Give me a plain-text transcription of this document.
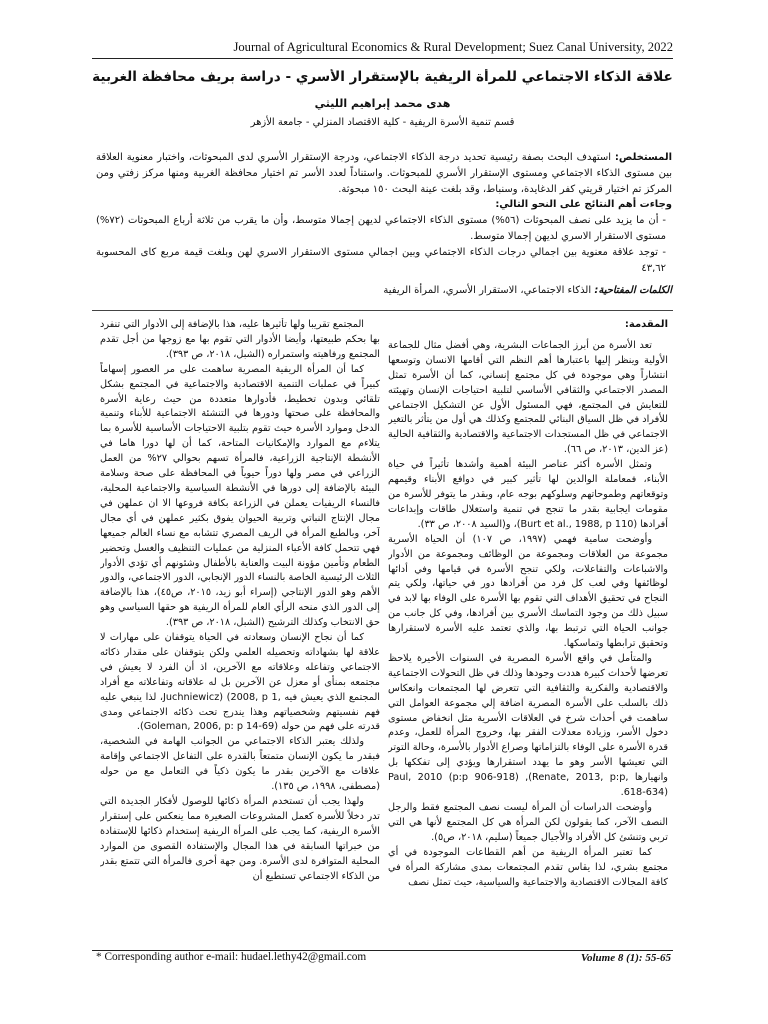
Journal of Agricultural Economics & Rural Development; Suez Canal University, 2022
علاقة الذكاء الاجتماعي للمرأة الريفية بالإستقرار الأسري - دراسة بريف محافظة الغربية
هدى محمد إبراهيم الليثي
قسم تنمية الأسرة الريفية - كلية الاقتصاد المنزلي - جامعة الأزهر

المستخلص: استهدف البحث بصفة رئيسية تحديد درجة الذكاء الاجتماعي، ودرجة الإستقرار الأسري لدى المبحوثات، واختبار معنوية العلاقة بين مستوى الذكاء الاجتماعي ومستوى الإستقرار الأسري للمبحوثات. واستناداً لعدد الأسر تم اختيار محافظة الغربية ومنها مركز زفتي ومن المركز تم اختيار قريتي كفر الدغايدة، وسنباط، وقد بلغت عينة البحث ١٥٠ مبحوثة.

وجاءت أهم النتائج على النحو التالي:

- أن ما يزيد على نصف المبحوثات (٥٦%) مستوى الذكاء الاجتماعي لديهن إجمالا متوسط، وأن ما يقرب من ثلاثة أرباع المبحوثات (٧٢%) مستوى الاستقرار الاسري لديهن إجمالا متوسط.

- توجد علاقة معنوية بين اجمالي درجات الذكاء الاجتماعي وبين اجمالي مستوى الاستقرار الاسري لهن وبلغت قيمة مربع كاى المحسوبة ٤٣,٦٢

الكلمات المفتاحية: الذكاء الاجتماعي، الاستقرار الأسري، المرأة الريفية

المقدمة:

تعد الأسرة من أبرز الجماعات البشرية، وهي أفضل مثال للجماعة الأولية وينظر إليها باعتبارها أهم النظم التي أقامها الانسان وتوسعها انتشاراً وهي موجودة في كل مجتمع إنساني، كما أن الأسرة تمثل المصدر الاجتماعي والثقافي الأساسي لتلبية احتياجات الإنسان وتهيئته للتعايش في المجتمع، فهي المسئول الأول عن التشكيل الاجتماعي للأفراد في ظل السياق البنائي للمجتمع وكذلك هي أول من يتأثر بالتغير الاجتماعي في ظل المستجدات الاجتماعية والاقتصادية والثقافية الحالية (عز الدين، ٢٠١٣، ص ٦٦).

وتمثل الأسرة أكثر عناصر البيئة أهمية وأشدها تأثيراً في حياة الأبناء، فمعاملة الوالدين لها تأثير كبير في دوافع الأبناء وقيمهم وتوقعاتهم وطموحاتهم وسلوكهم بوجه عام، وبقدر ما يتوفر للأسرة من مقومات ايجابية بقدر ما تنجح في تنمية واستغلال طاقات وإبداعات أفرادها (Burt et al., 1988, p 110)، و(السيد ٢٠٠٨، ص ٣٣).

وأوضحت سامية فهمي (١٩٩٧، ص ١٠٧) أن الحياة الأسرية مجموعة من العلاقات ومجموعة من الوظائف ومجموعة من الأدوار والاشباعات والتفاعلات، ولكي تنجح الأسرة في قيامها وفي أدائها لوظائفها وفي لعب كل فرد من أفرادها دور في حياتها، ولكي يتم النجاح في تحقيق الأهداف التي تقوم بها الأسرة على الوفاء بها لابد في سبيل ذلك من وجود التماسك الأسري بين أفرادها، وفي كل جانب من جوانب الحياة التي ترتبط بها، والذي تعتمد عليه الأسرة لاستقرارها وتحقيق ترابطها وتماسكها.

والمتأمل في واقع الأسرة المصرية في السنوات الأخيرة يلاحظ تعرضها لأحداث كبيرة هددت وجودها وذلك في ظل التحولات الاجتماعية والاقتصادية والفكرية والثقافية التي تتعرض لها المجتمعات وانعكاس ذلك بالسلب على الأسرة المصرية اضافة إلي مجموعة العوامل التي ساهمت في أحداث شرخ في العلاقات الأسرية مثل انخفاض مستوى دخول الأسر، وزيادة معدلات الفقر بها، وخروج المرأة للعمل، وعدم قدرة الأسرة على الوفاء بالتزاماتها وصراع الأدوار بالأسرة، وحالة التوتر التي تعيشها الأسر وهو ما يهدد استقرارها ويؤدي إلى تفككها بل وانهيارها ,Paul, 2010 (p:p 906-918) ,(Renate, 2013, p:p 618-634).

وأوضحت الدراسات أن المرأة ليست نصف المجتمع فقط والرجل النصف الآخر، كما يقولون لكن المرأة هي كل المجتمع لأنها هي التي تربي وتنشئ كل الأفراد والأجيال جميعاً (سليم، ٢٠١٨، ص٥).

كما تعتبر المرأة الريفية من أهم القطاعات الموجودة في أي مجتمع بشري، لذا يقاس تقدم المجتمعات بمدى مشاركة المرأة في كافة المجالات الاقتصادية والاجتماعية والسياسية، حيث تمثل نصف

المجتمع تقريبا ولها تأثيرها عليه، هذا بالإضافة إلى الأدوار التي تنفرد بها بحكم طبيعتها، وأيضا الأدوار التي تقوم بها مع زوجها من أجل تقدم المجتمع ورفاهيته واستمراره (الشبل، ٢٠١٨، ص ٣٩٣).

كما أن المرأة الريفية المصرية ساهمت على مر العصور إسهاماً كبيراً في عمليات التنمية الاقتصادية والاجتماعية في المجتمع بشكل تلقائي وبدون تخطيط، فأدوارها متعددة من حيث رعاية الأسرة والمحافظة على صحتها ودورها في التنشئة الاجتماعية للأبناء وتنمية الدخل وموارد الأسرة حيث تقوم بتلبية الاحتياجات الأساسية للأسرة بما يتلاءم مع الموارد والإمكانيات المتاحة، كما أن لها دورا هاما في الأنشطة الإنتاجية الزراعية، فالمرأة تسهم بحوالي ٢٧% من العمل الزراعي في مصر ولها دوراً حيوياً في المحافظة على صحة وسلامة البيئة بالإضافة إلى دورها في الأنشطة السياسية والاجتماعية المحلية، فالنساء الريفيات يعملن في الزراعة بكافة فروعها الا ان عملهن في مجال الإنتاج النباتي وتربية الحيوان يفوق بكثير عملهن في أي مجال آخر، وبالطبع المرأة في الريف المصري تتشابه مع نساء العالم جميعها فهي تتحمل كافة الأعباء المنزلية من عمليات التنظيف والغسل وتحضير الطعام وتأمين مؤونة البيت والعناية بالأطفال وشئونهم أي تؤدي الأدوار الثلاث الرئيسية الخاصة بالنساء الدور الإنجابي، الدور الاجتماعي، والدور الأهم وهو الدور الإنتاجي (إسراء أبو زيد، ٢٠١٥، ص٤٥)، هذا بالإضافة إلى الدور الذي منحه الرأي العام للمرأة الريفية هو حقها السياسي وهو حق الانتخاب وكذلك الترشيح (الشبل، ٢٠١٨، ص ٣٩٣).

كما أن نجاح الإنسان وسعادته في الحياة يتوقفان على مهارات لا علاقة لها بشهاداته وتحصيله العلمي ولكن يتوقفان على مقدار ذكائه الاجتماعي وتفاعله وعلاقاته مع الآخرين، اذ أن الفرد لا يعيش في مجتمعه بمنأى أو معزل عن الآخرين بل له علاقاته وتفاعلاته مع أفراد المجتمع الذي يعيش فيه ,Juchniewicz) (2008, p 1، لذا ينبغي عليه فهم نفسيتهم وشخصياتهم وهذا يندرج تحت ذكائه الاجتماعي ومدى قدرته على فهم من حوله (Goleman, 2006, p: p 14-69).

ولذلك يعتبر الذكاء الاجتماعي من الجوانب الهامة في الشخصية، فبقدر ما يكون الإنسان متمتعاً بالقدرة على التفاعل الاجتماعي وإقامة علاقات مع الآخرين بقدر ما يكون ذكياً في التعامل مع من حوله (مصطفى، ١٩٩٨، ص ١٣٥).

ولهذا يجب أن تستخدم المرأة ذكائها للوصول لأفكار الجديدة التي تدر دخلاً للأسرة كعمل المشروعات الصغيرة مما ينعكس على إستقرار الأسرة الريفية، كما يجب على المرأة الريفية إستخدام ذكائها للإستفادة من خبراتها السابقة في هذا المجال والإستفادة القصوى من الموارد المحلية المتوافرة لدى الأسرة. ومن جهة أخرى فالمرأة التي تتمتع بقدر من الذكاء الاجتماعي تستطيع أن

* Corresponding author e-mail: hudael.lethy42@gmail.com	Volume 8 (1): 55-65
